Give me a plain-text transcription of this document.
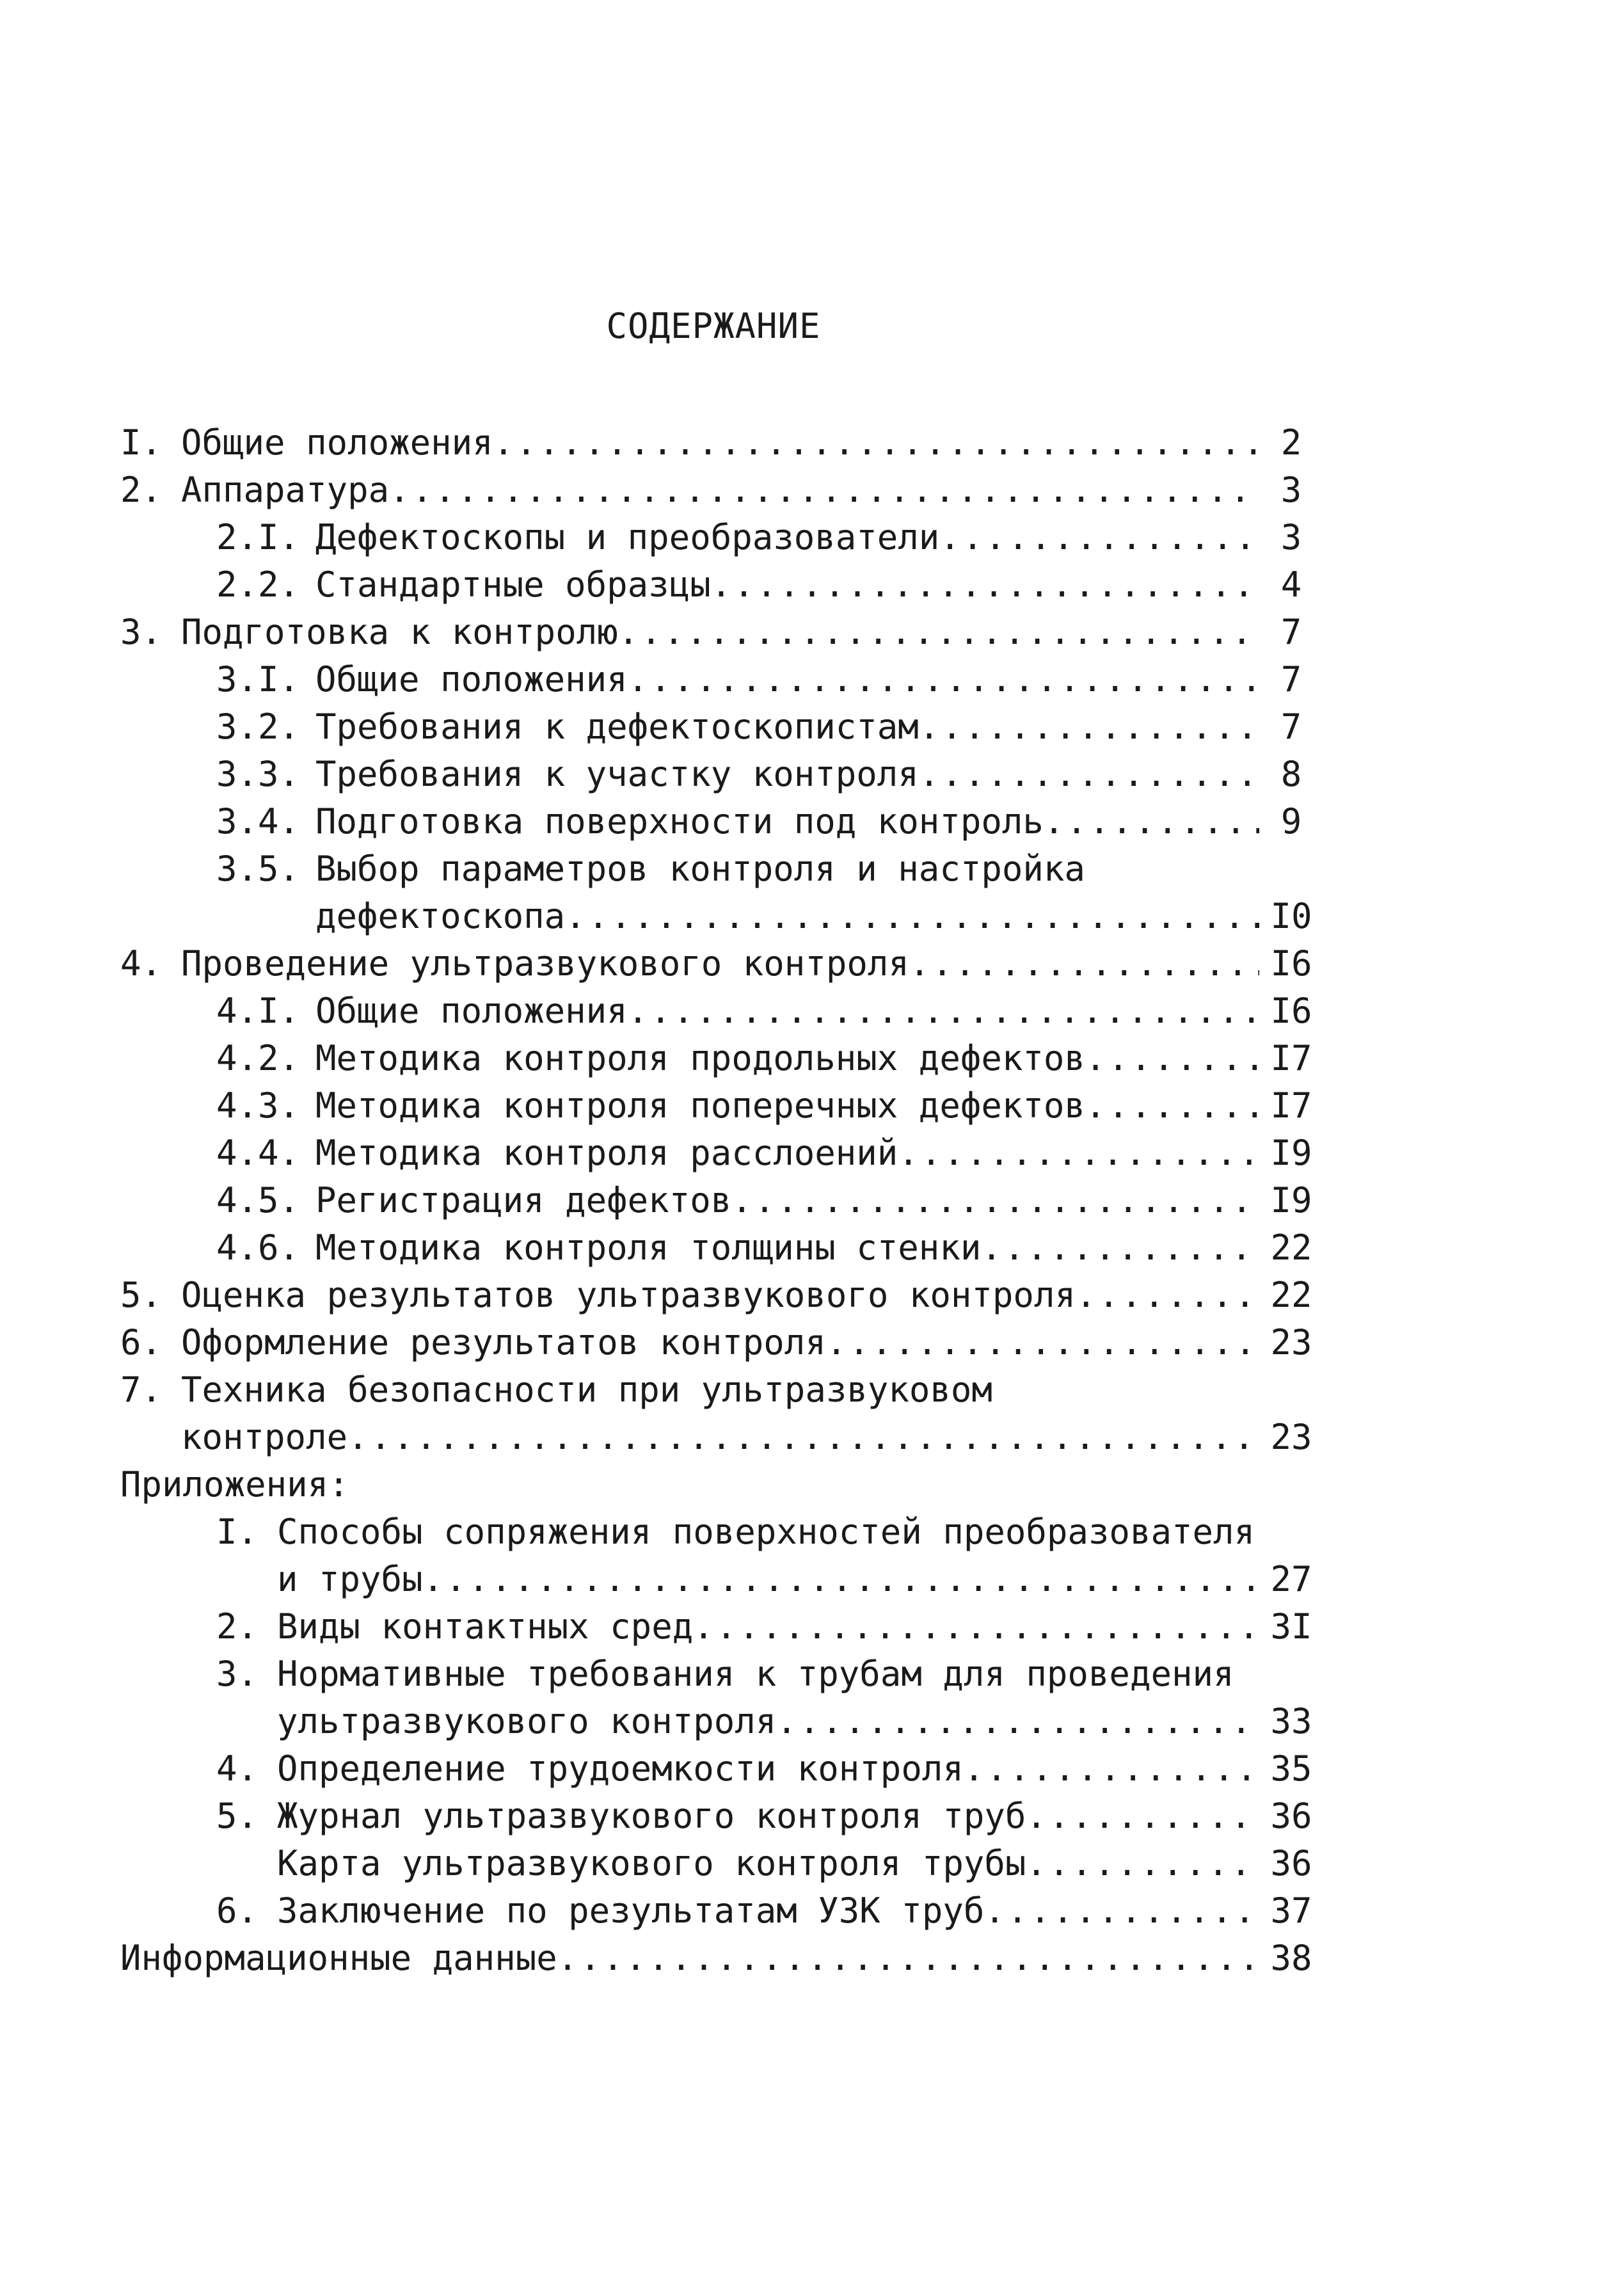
СОДЕРЖАНИЕ
I. Общие положения .....	2
2. Аппаратура .....	3
2.I. Дефектоскопы и преобразователи .....	3
2.2. Стандартные образцы .....	4
3. Подготовка к контролю .....	7
3.I. Общие положения .....	7
3.2. Требования к дефектоскопистам .....	7
3.3. Требования к участку контроля .....	8
3.4. Подготовка поверхности под контроль .....	9
3.5. Выбор параметров контроля и настройка
дефектоскопа .....	I0
4. Проведение ультразвукового контроля .....	I6
4.I. Общие положения .....	I6
4.2. Методика контроля продольных дефектов .....	I7
4.3. Методика контроля поперечных дефектов .....	I7
4.4. Методика контроля расслоений .....	I9
4.5. Регистрация дефектов .....	I9
4.6. Методика контроля толщины стенки .....	22
5. Оценка результатов ультразвукового контроля .....	22
6. Оформление результатов контроля .....	23
7. Техника безопасности при ультразвуковом
контроле .....	23
Приложения:
I. Способы сопряжения поверхностей преобразователя
и трубы .....	27
2. Виды контактных сред .....	3I
3. Нормативные требования к трубам для проведения
ультразвукового контроля .....	33
4. Определение трудоемкости контроля .....	35
5. Журнал ультразвукового контроля труб .....	36
Карта ультразвукового контроля трубы .....	36
6. Заключение по результатам УЗК труб .....	37
Информационные данные .....	38
